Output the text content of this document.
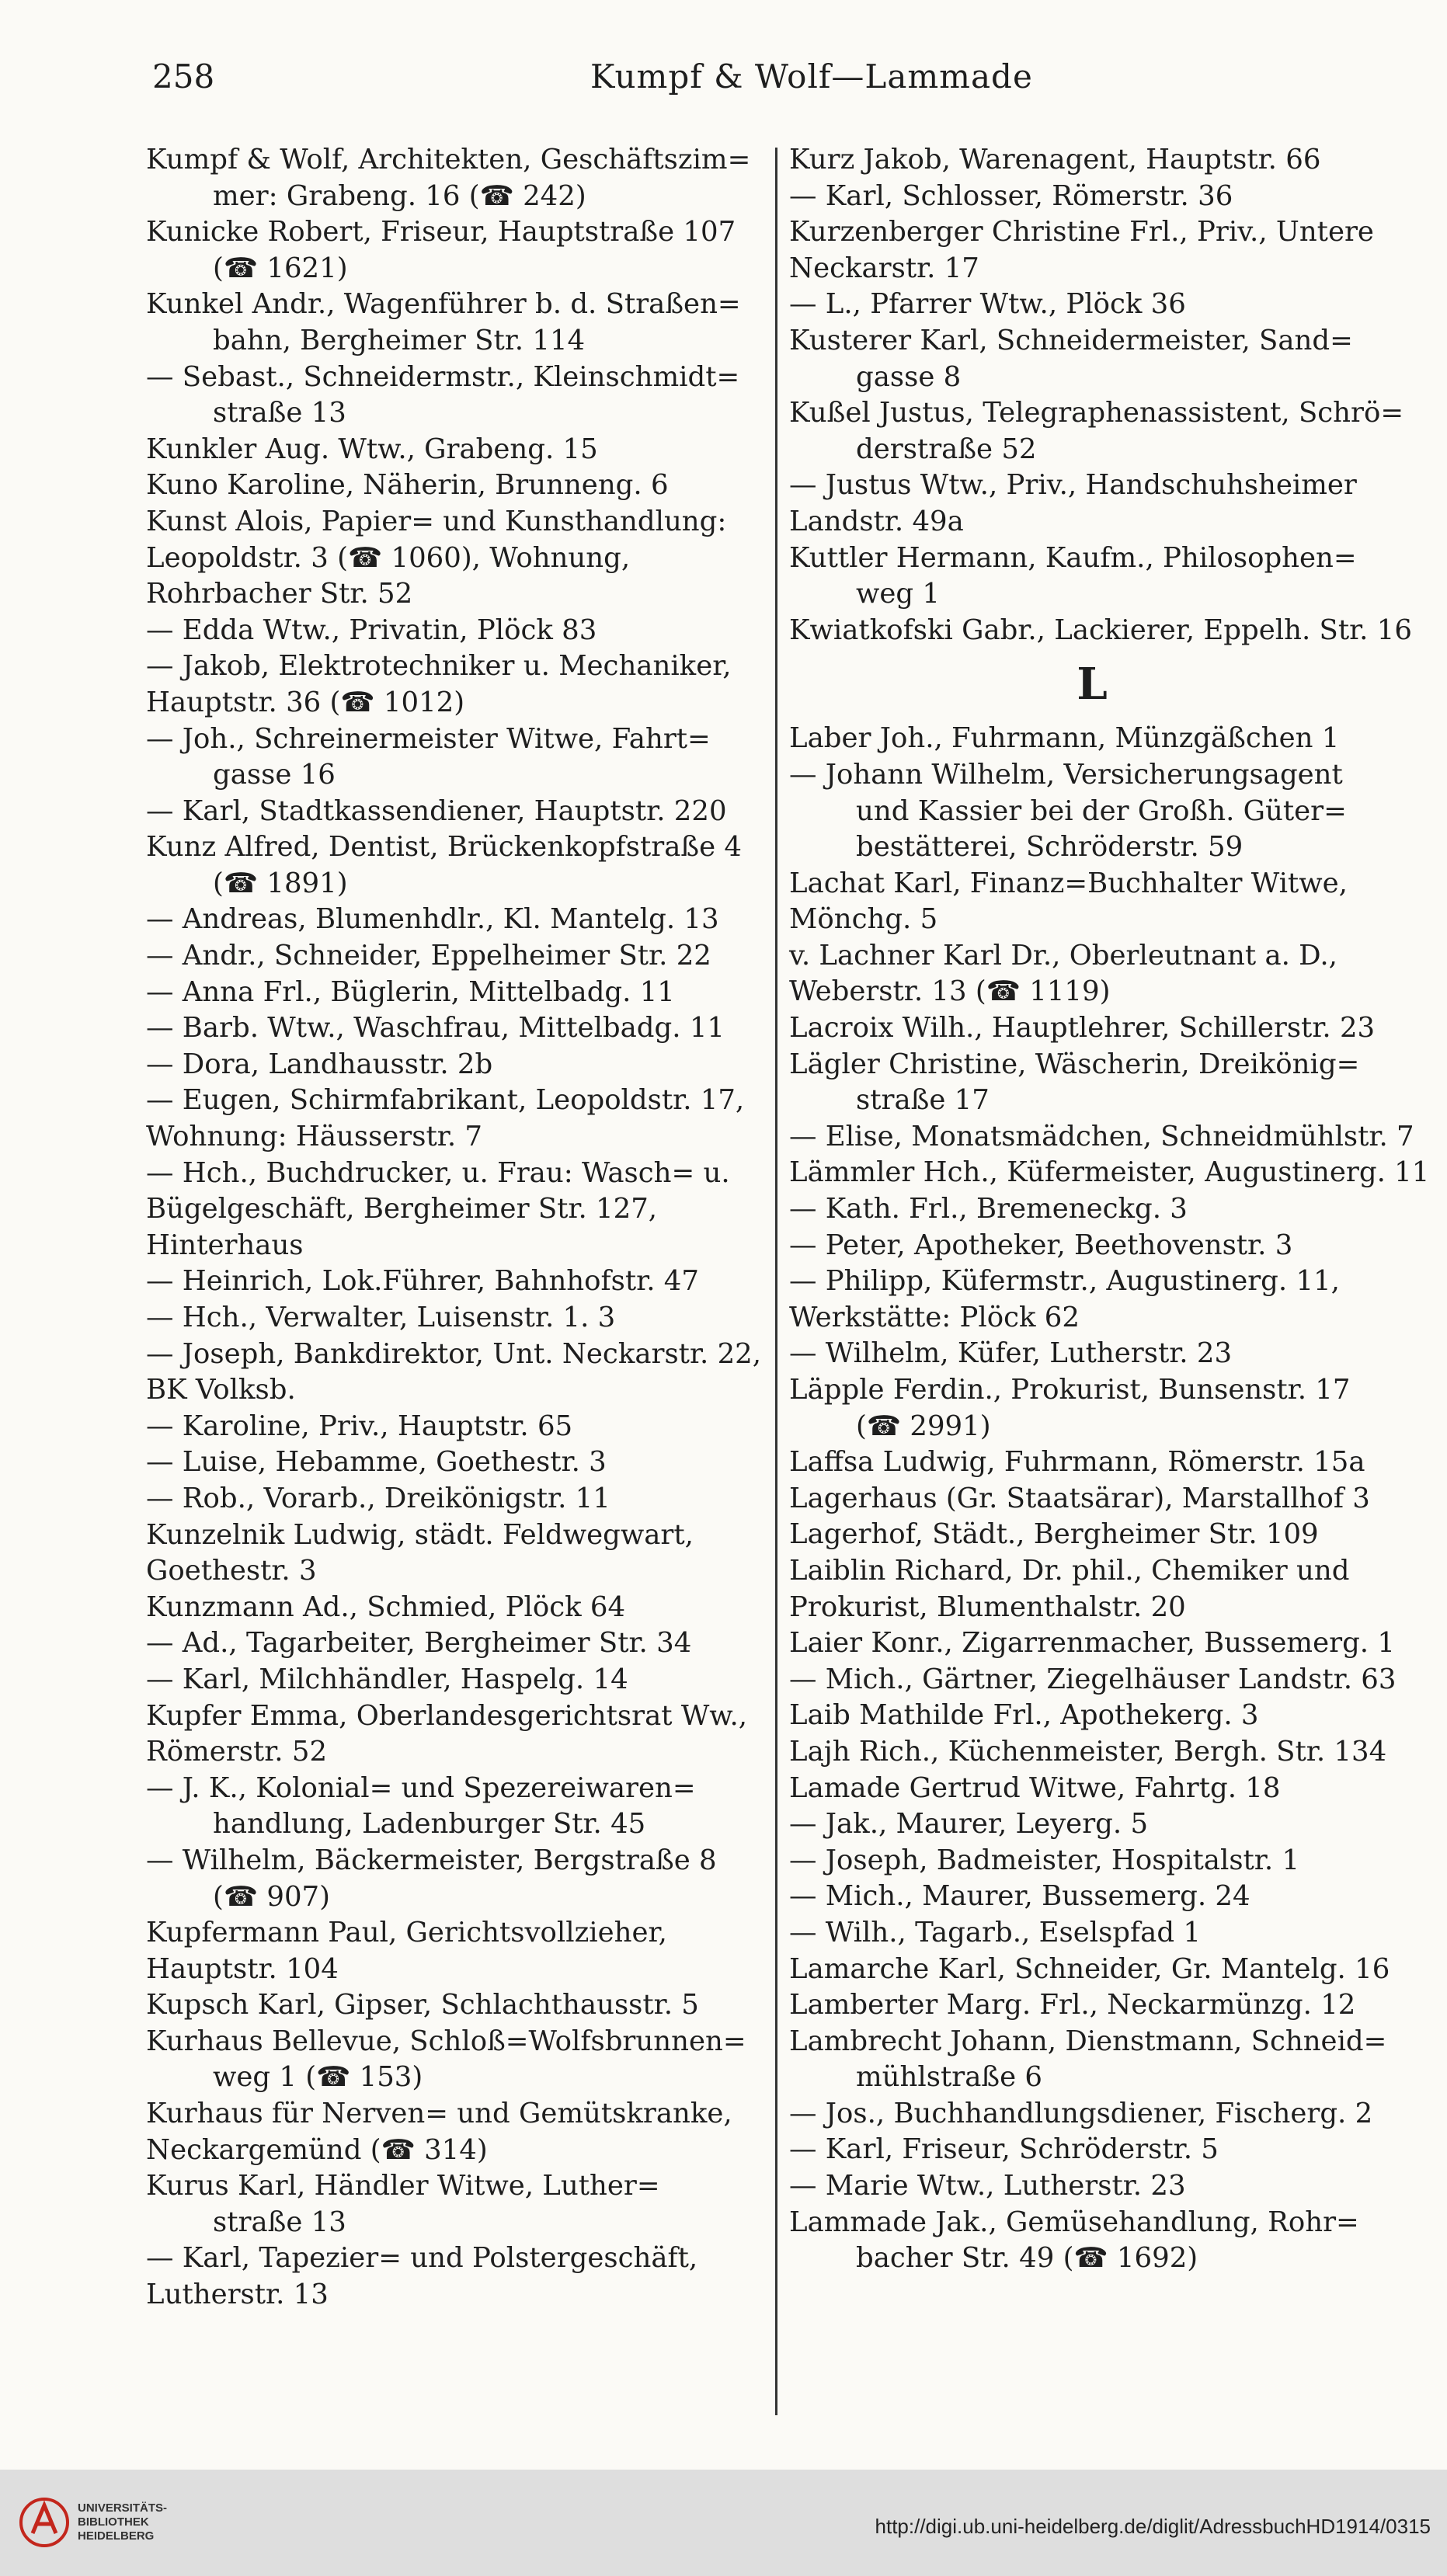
258	Kumpf & Wolf—Lammade
Kumpf & Wolf, Architekten, Geschäftszim=
mer: Grabeng. 16 (☎ 242)
Kunicke Robert, Friseur, Hauptstraße 107
(☎ 1621)
Kunkel Andr., Wagenführer b. d. Straßen=
bahn, Bergheimer Str. 114
— Sebast., Schneidermstr., Kleinschmidt=
straße 13
Kunkler Aug. Wtw., Grabeng. 15
Kuno Karoline, Näherin, Brunneng. 6
Kunst Alois, Papier= und Kunsthandlung:
Leopoldstr. 3 (☎ 1060), Wohnung,
Rohrbacher Str. 52
— Edda Wtw., Privatin, Plöck 83
— Jakob, Elektrotechniker u. Mechaniker,
Hauptstr. 36 (☎ 1012)
— Joh., Schreinermeister Witwe, Fahrt=
gasse 16
— Karl, Stadtkassendiener, Hauptstr. 220
Kunz Alfred, Dentist, Brückenkopfstraße 4
(☎ 1891)
— Andreas, Blumenhdlr., Kl. Mantelg. 13
— Andr., Schneider, Eppelheimer Str. 22
— Anna Frl., Büglerin, Mittelbadg. 11
— Barb. Wtw., Waschfrau, Mittelbadg. 11
— Dora, Landhausstr. 2b
— Eugen, Schirmfabrikant, Leopoldstr. 17,
Wohnung: Häusserstr. 7
— Hch., Buchdrucker, u. Frau: Wasch= u.
Bügelgeschäft, Bergheimer Str. 127,
Hinterhaus
— Heinrich, Lok.Führer, Bahnhofstr. 47
— Hch., Verwalter, Luisenstr. 1. 3
— Joseph, Bankdirektor, Unt. Neckarstr. 22,
BK Volksb.
— Karoline, Priv., Hauptstr. 65
— Luise, Hebamme, Goethestr. 3
— Rob., Vorarb., Dreikönigstr. 11
Kunzelnik Ludwig, städt. Feldwegwart,
Goethestr. 3
Kunzmann Ad., Schmied, Plöck 64
— Ad., Tagarbeiter, Bergheimer Str. 34
— Karl, Milchhändler, Haspelg. 14
Kupfer Emma, Oberlandesgerichtsrat Ww.,
Römerstr. 52
— J. K., Kolonial= und Spezereiwaren=
handlung, Ladenburger Str. 45
— Wilhelm, Bäckermeister, Bergstraße 8
(☎ 907)
Kupfermann Paul, Gerichtsvollzieher,
Hauptstr. 104
Kupsch Karl, Gipser, Schlachthausstr. 5
Kurhaus Bellevue, Schloß=Wolfsbrunnen=
weg 1 (☎ 153)
Kurhaus für Nerven= und Gemütskranke,
Neckargemünd (☎ 314)
Kurus Karl, Händler Witwe, Luther=
straße 13
— Karl, Tapezier= und Polstergeschäft,
Lutherstr. 13
Kurz Jakob, Warenagent, Hauptstr. 66
— Karl, Schlosser, Römerstr. 36
Kurzenberger Christine Frl., Priv., Untere
Neckarstr. 17
— L., Pfarrer Wtw., Plöck 36
Kusterer Karl, Schneidermeister, Sand=
gasse 8
Kußel Justus, Telegraphenassistent, Schrö=
derstraße 52
— Justus Wtw., Priv., Handschuhsheimer
Landstr. 49a
Kuttler Hermann, Kaufm., Philosophen=
weg 1
Kwiatkofski Gabr., Lackierer, Eppelh. Str. 16
L
Laber Joh., Fuhrmann, Münzgäßchen 1
— Johann Wilhelm, Versicherungsagent
und Kassier bei der Großh. Güter=
bestätterei, Schröderstr. 59
Lachat Karl, Finanz=Buchhalter Witwe,
Mönchg. 5
v. Lachner Karl Dr., Oberleutnant a. D.,
Weberstr. 13 (☎ 1119)
Lacroix Wilh., Hauptlehrer, Schillerstr. 23
Lägler Christine, Wäscherin, Dreikönig=
straße 17
— Elise, Monatsmädchen, Schneidmühlstr. 7
Lämmler Hch., Küfermeister, Augustinerg. 11
— Kath. Frl., Bremeneckg. 3
— Peter, Apotheker, Beethovenstr. 3
— Philipp, Küfermstr., Augustinerg. 11,
Werkstätte: Plöck 62
— Wilhelm, Küfer, Lutherstr. 23
Läpple Ferdin., Prokurist, Bunsenstr. 17
(☎ 2991)
Laffsa Ludwig, Fuhrmann, Römerstr. 15a
Lagerhaus (Gr. Staatsärar), Marstallhof 3
Lagerhof, Städt., Bergheimer Str. 109
Laiblin Richard, Dr. phil., Chemiker und
Prokurist, Blumenthalstr. 20
Laier Konr., Zigarrenmacher, Bussemerg. 1
— Mich., Gärtner, Ziegelhäuser Landstr. 63
Laib Mathilde Frl., Apothekerg. 3
Lajh Rich., Küchenmeister, Bergh. Str. 134
Lamade Gertrud Witwe, Fahrtg. 18
— Jak., Maurer, Leyerg. 5
— Joseph, Badmeister, Hospitalstr. 1
— Mich., Maurer, Bussemerg. 24
— Wilh., Tagarb., Eselspfad 1
Lamarche Karl, Schneider, Gr. Mantelg. 16
Lamberter Marg. Frl., Neckarmünzg. 12
Lambrecht Johann, Dienstmann, Schneid=
mühlstraße 6
— Jos., Buchhandlungsdiener, Fischerg. 2
— Karl, Friseur, Schröderstr. 5
— Marie Wtw., Lutherstr. 23
Lammade Jak., Gemüsehandlung, Rohr=
bacher Str. 49 (☎ 1692)
UNIVERSITÄTS-
BIBLIOTHEK
HEIDELBERG	http://digi.ub.uni-heidelberg.de/diglit/AdressbuchHD1914/0315
